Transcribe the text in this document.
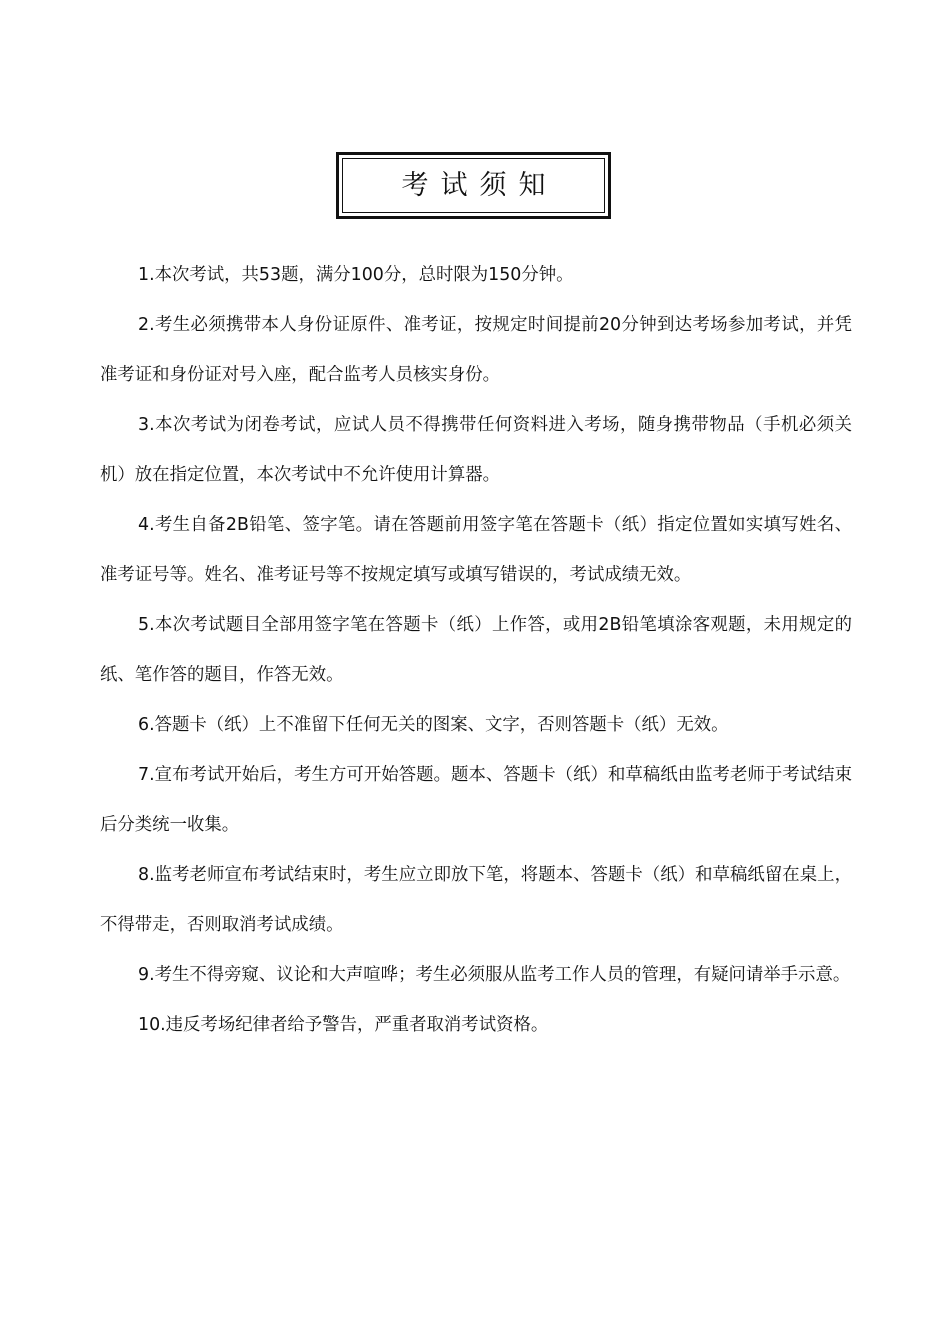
考试须知

1.本次考试，共53题，满分100分，总时限为150分钟。

2.考生必须携带本人身份证原件、准考证，按规定时间提前20分钟到达考场参加考试，并凭准考证和身份证对号入座，配合监考人员核实身份。

3.本次考试为闭卷考试，应试人员不得携带任何资料进入考场，随身携带物品（手机必须关机）放在指定位置，本次考试中不允许使用计算器。

4.考生自备2B铅笔、签字笔。请在答题前用签字笔在答题卡（纸）指定位置如实填写姓名、准考证号等。姓名、准考证号等不按规定填写或填写错误的，考试成绩无效。

5.本次考试题目全部用签字笔在答题卡（纸）上作答，或用2B铅笔填涂客观题，未用规定的纸、笔作答的题目，作答无效。

6.答题卡（纸）上不准留下任何无关的图案、文字，否则答题卡（纸）无效。

7.宣布考试开始后，考生方可开始答题。题本、答题卡（纸）和草稿纸由监考老师于考试结束后分类统一收集。

8.监考老师宣布考试结束时，考生应立即放下笔，将题本、答题卡（纸）和草稿纸留在桌上，不得带走，否则取消考试成绩。

9.考生不得旁窥、议论和大声喧哗；考生必须服从监考工作人员的管理，有疑问请举手示意。

10.违反考场纪律者给予警告，严重者取消考试资格。
